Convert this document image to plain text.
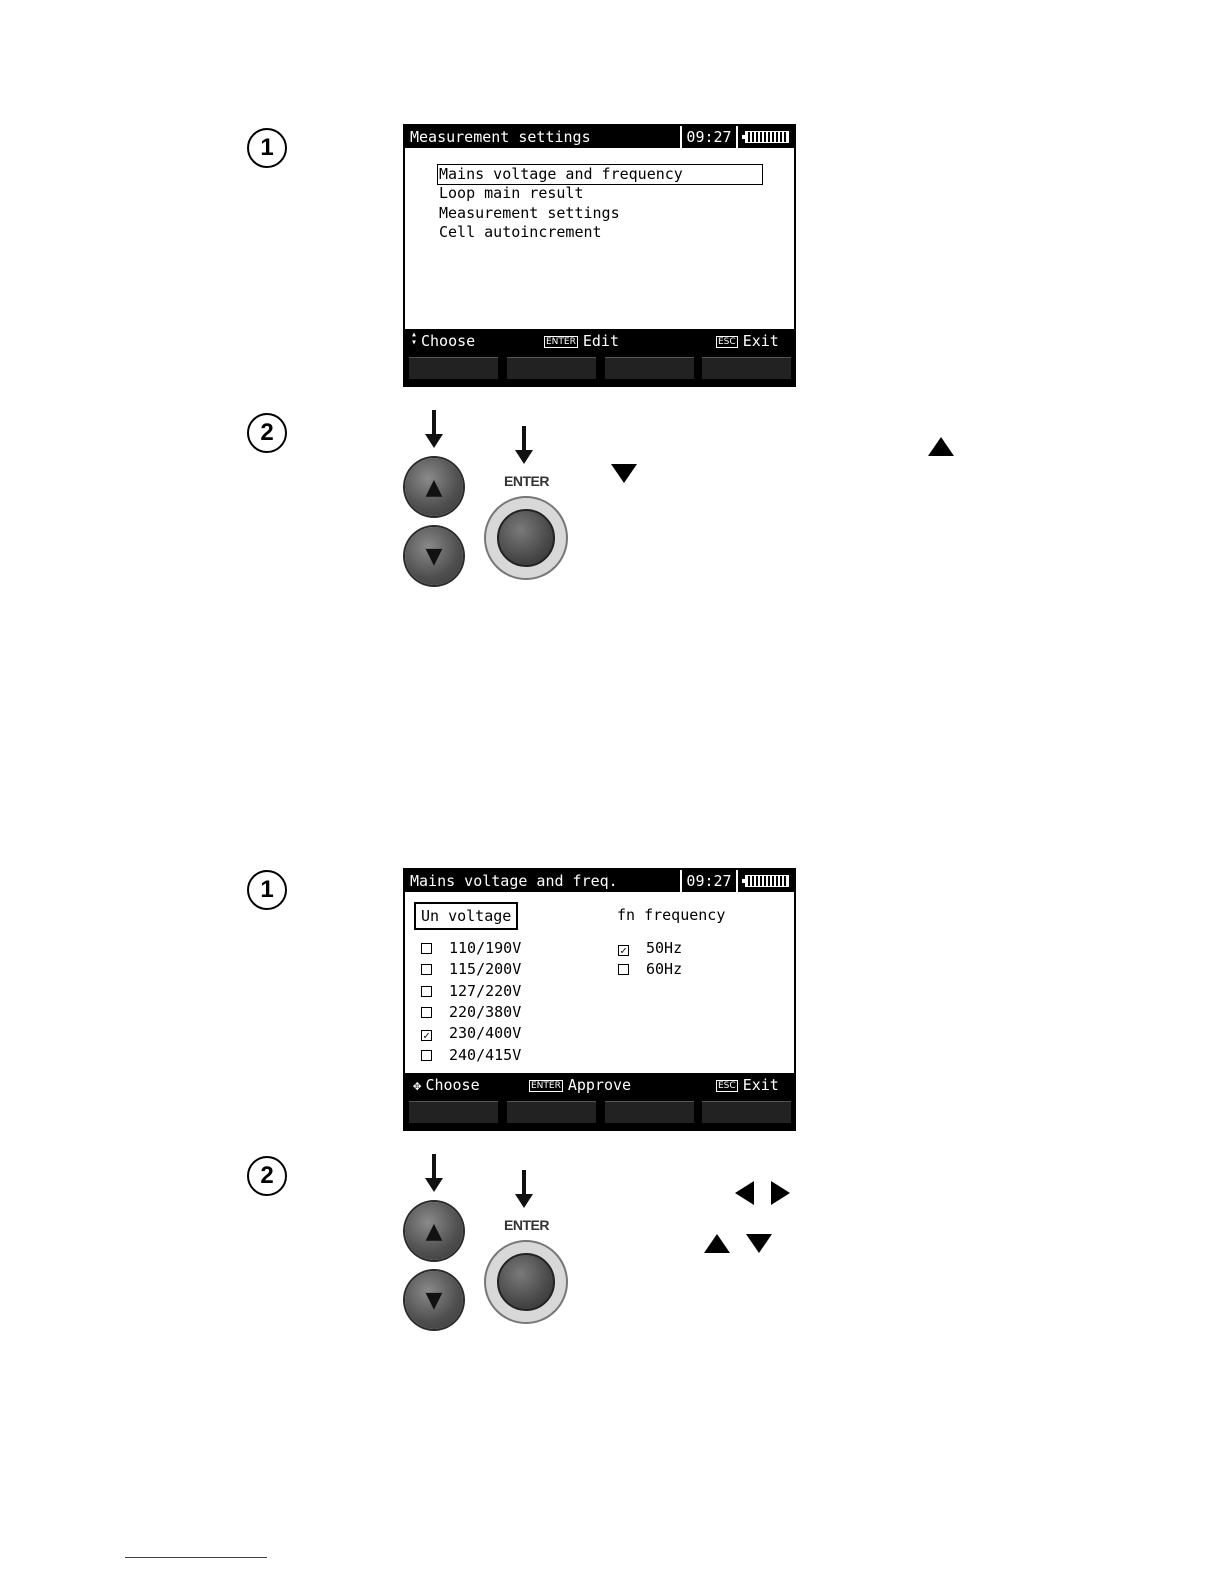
1	Measurement settings	09:27
Mains voltage and frequency
Loop main result
Measurement settings
Cell autoincrement
▴
▾ Choose	ENTER Edit	ESC Exit
2
▲
▼
ENTER
1	Mains voltage and freq.	09:27
Un voltage	fn frequency
110/190V
115/200V
127/220V
220/380V
✓ 230/400V
240/415V
✓ 50Hz
60Hz
✥ Choose	ENTER Approve	ESC Exit
2
▲
▼
ENTER
